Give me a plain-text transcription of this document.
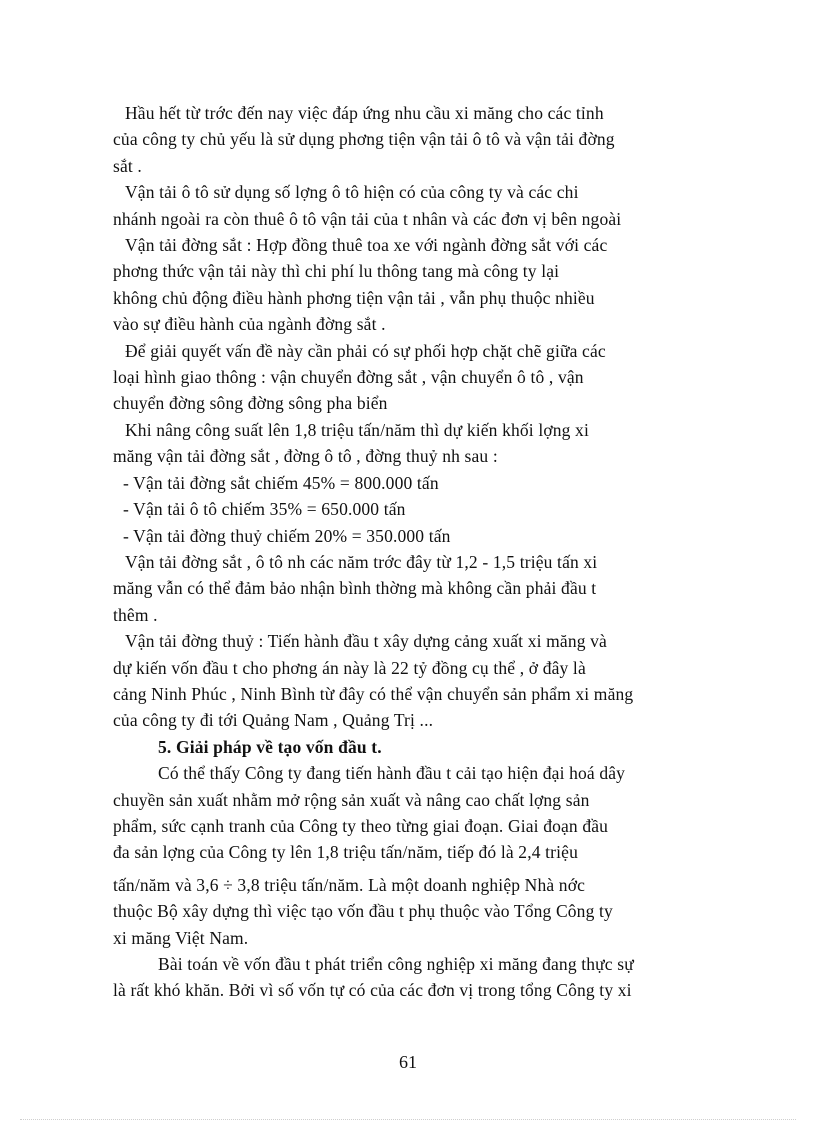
Hầu hết từ trớc đến nay việc đáp ứng nhu cầu xi măng cho các tỉnh
của công ty chủ yếu là sử dụng phơng tiện vận tải ô tô và vận tải đờng
sắt .
Vận tải ô tô sử dụng số lợng ô tô hiện có của công ty và các chi
nhánh ngoài ra còn thuê ô tô vận tải của t nhân và các đơn vị bên ngoài
Vận tải đờng sắt : Hợp đồng thuê toa xe với ngành đờng sắt với các
phơng thức vận tải này thì chi phí lu thông tang mà công ty lại
không chủ động điều hành phơng tiện vận tải , vẫn phụ thuộc nhiều
vào sự điều hành của ngành đờng sắt .
Để giải quyết vấn đề này cần phải có sự phối hợp chặt chẽ giữa các
loại hình giao thông : vận chuyển đờng sắt , vận chuyển ô tô , vận
chuyển đờng sông đờng sông pha biển
Khi nâng công suất lên 1,8 triệu tấn/năm thì dự kiến khối lợng xi
măng vận tải đờng sắt , đờng ô tô , đờng thuỷ nh sau :
- Vận tải đờng sắt chiếm 45% = 800.000 tấn
- Vận tải ô tô chiếm 35% = 650.000 tấn
- Vận tải đờng thuỷ chiếm 20% = 350.000 tấn
Vận tải đờng sắt , ô tô nh các năm trớc đây từ 1,2 - 1,5 triệu tấn xi
măng vẫn có thể đảm bảo nhận bình thờng mà không cần phải đầu t
thêm .
Vận tải đờng thuỷ : Tiến hành đầu t xây dựng cảng xuất xi măng và
dự kiến vốn đầu t cho phơng án này là 22 tỷ đồng cụ thể , ở đây là
cảng Ninh Phúc , Ninh Bình từ đây có thể vận chuyển sản phẩm xi măng
của công ty đi tới Quảng Nam , Quảng Trị ...
5. Giải pháp về tạo vốn đầu t.
Có thể thấy Công ty đang tiến hành đầu t cải tạo hiện đại hoá dây
chuyền sản xuất nhằm mở rộng sản xuất và nâng cao chất lợng sản
phẩm, sức cạnh tranh của Công ty theo từng giai đoạn. Giai đoạn đầu
đa sản lợng của Công ty lên 1,8 triệu tấn/năm, tiếp đó là 2,4 triệu
tấn/năm và 3,6 ÷ 3,8 triệu tấn/năm. Là một doanh nghiệp Nhà nớc
thuộc Bộ xây dựng thì việc tạo vốn đầu t phụ thuộc vào Tổng Công ty
xi măng Việt Nam.
Bài toán về vốn đầu t phát triển công nghiệp xi măng đang thực sự
là rất khó khăn. Bởi vì số vốn tự có của các đơn vị trong tổng Công ty xi
61
